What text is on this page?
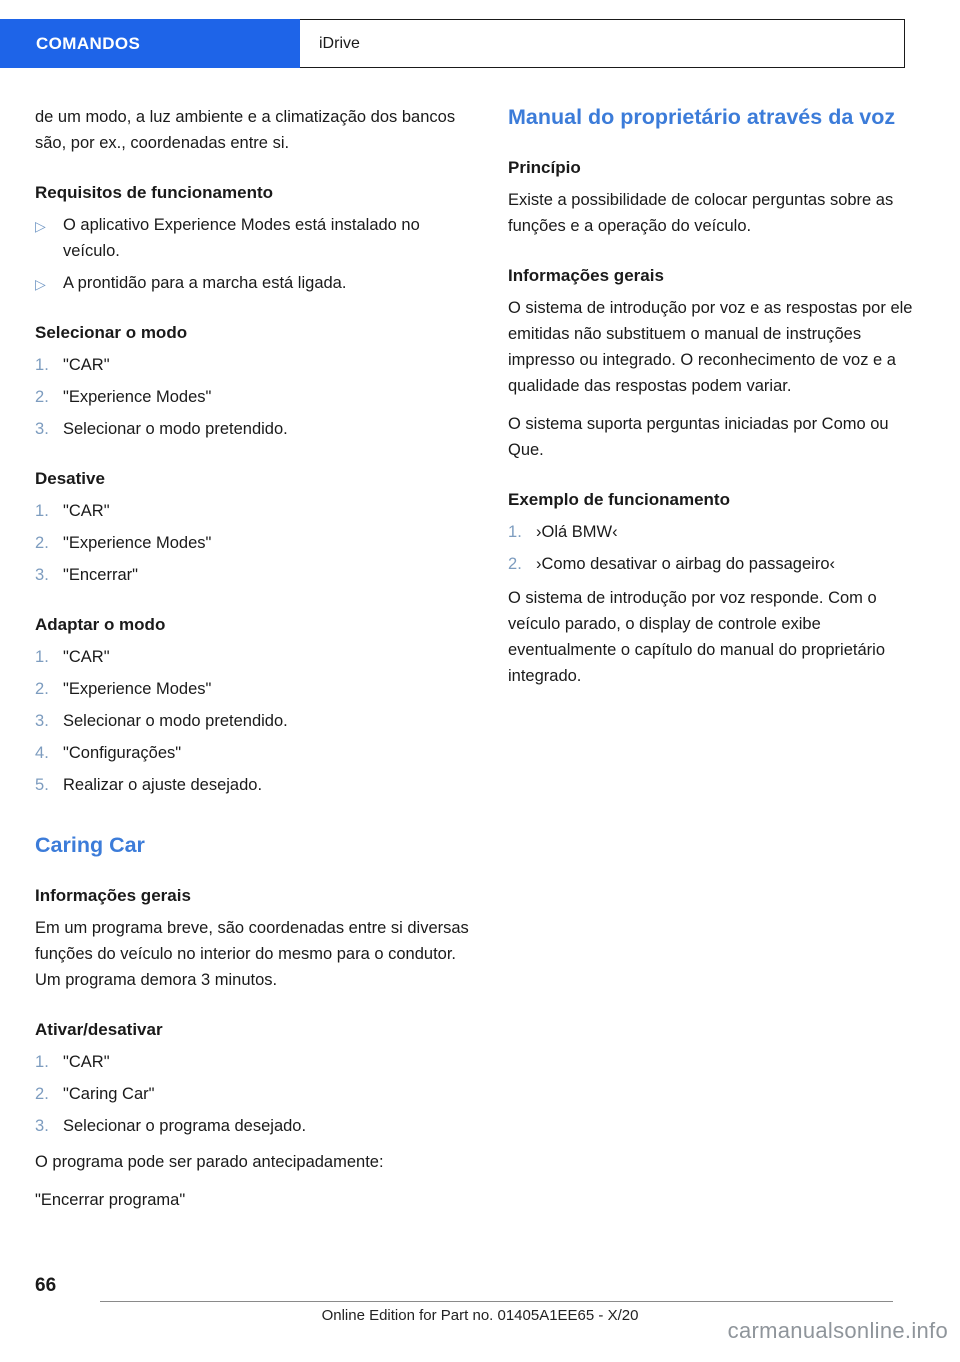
COMANDOS	iDrive

de um modo, a luz ambiente e a climatização dos bancos são, por ex., coordenadas entre si.

Requisitos de funcionamento
▷ O aplicativo Experience Modes está instalado no veículo.
▷ A prontidão para a marcha está ligada.
Selecionar o modo
"CAR"
"Experience Modes"
Selecionar o modo pretendido.
Desative
"CAR"
"Experience Modes"
"Encerrar"
Adaptar o modo
"CAR"
"Experience Modes"
Selecionar o modo pretendido.
"Configurações"
Realizar o ajuste desejado.
Caring Car
Informações gerais

Em um programa breve, são coordenadas entre si diversas funções do veículo no interior do mesmo para o condutor. Um programa demora 3 minutos.

Ativar/desativar
"CAR"
"Caring Car"
Selecionar o programa desejado.

O programa pode ser parado antecipadamente:

"Encerrar programa"

Manual do proprietário através da voz
Princípio

Existe a possibilidade de colocar perguntas sobre as funções e a operação do veículo.

Informações gerais

O sistema de introdução por voz e as respostas por ele emitidas não substituem o manual de instruções impresso ou integrado. O reconhecimento de voz e a qualidade das respostas podem variar.

O sistema suporta perguntas iniciadas por Como ou Que.

Exemplo de funcionamento
›Olá BMW‹
›Como desativar o airbag do passageiro‹

O sistema de introdução por voz responde. Com o veículo parado, o display de controle exibe eventualmente o capítulo do manual do proprietário integrado.

66
Online Edition for Part no. 01405A1EE65 - X/20
carmanualsonline.info
